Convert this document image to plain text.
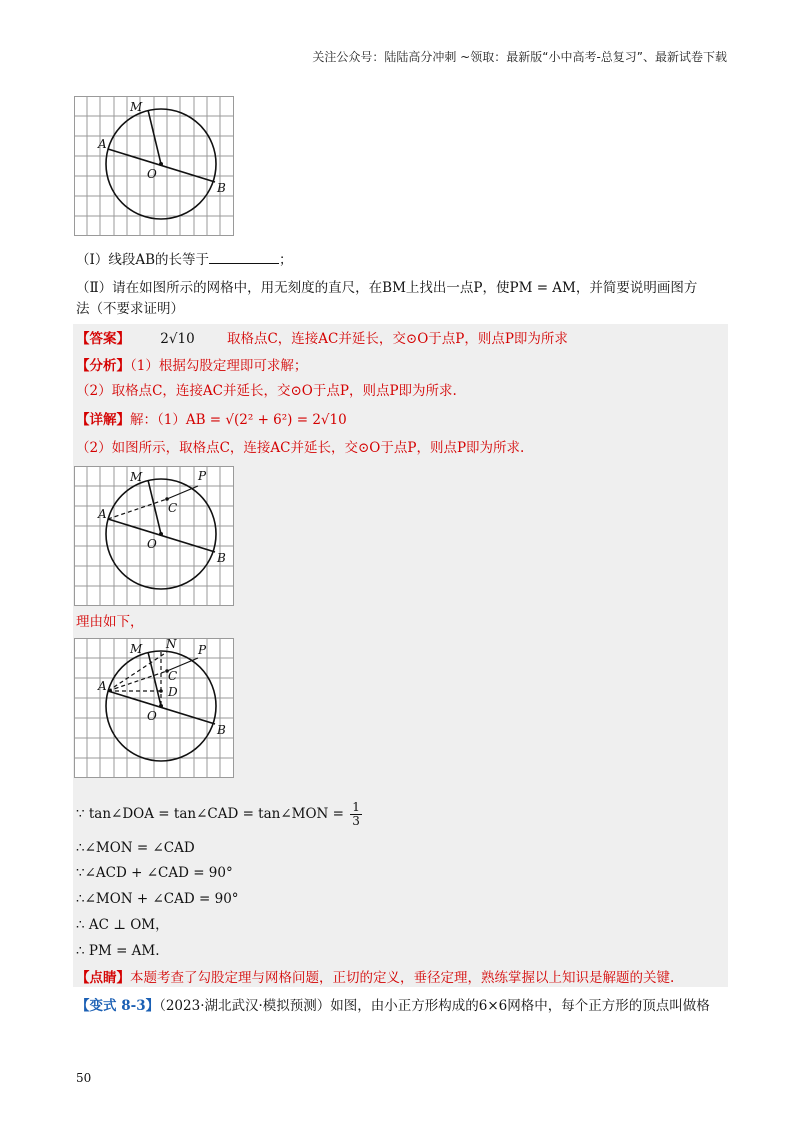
关注公众号：陆陆高分冲刺 ~领取：最新版“小中高考-总复习”、最新试卷下载
M
A
O
B
（Ⅰ）线段AB的长等于	；
（Ⅱ）请在如图所示的网格中，用无刻度的直尺，在BM上找出一点P，使PM = AM，并简要说明画图方
法（不要求证明）
【答案】 2√10 取格点C，连接AC并延长，交⊙O于点P，则点P即为所求
【分析】（1）根据勾股定理即可求解；
（2）取格点C，连接AC并延长，交⊙O于点P，则点P即为所求.
【详解】解：（1）AB = √(2² + 6²) = 2√10
（2）如图所示，取格点C，连接AC并延长，交⊙O于点P，则点P即为所求.
M	P
A	C
O
B
理由如下，
M N P
A
C
D
O
B
∵ tan∠DOA = tan∠CAD = tan∠MON = $\frac{1}{3}$
∴∠MON = ∠CAD
∵∠ACD + ∠CAD = 90°
∴∠MON + ∠CAD = 90°
∴ AC ⊥ OM，
∴ PM = AM.
【点睛】本题考查了勾股定理与网格问题，正切的定义，垂径定理，熟练掌握以上知识是解题的关键.
【变式 8-3】（2023·湖北武汉·模拟预测）如图，由小正方形构成的6×6网格中，每个正方形的顶点叫做格
50
